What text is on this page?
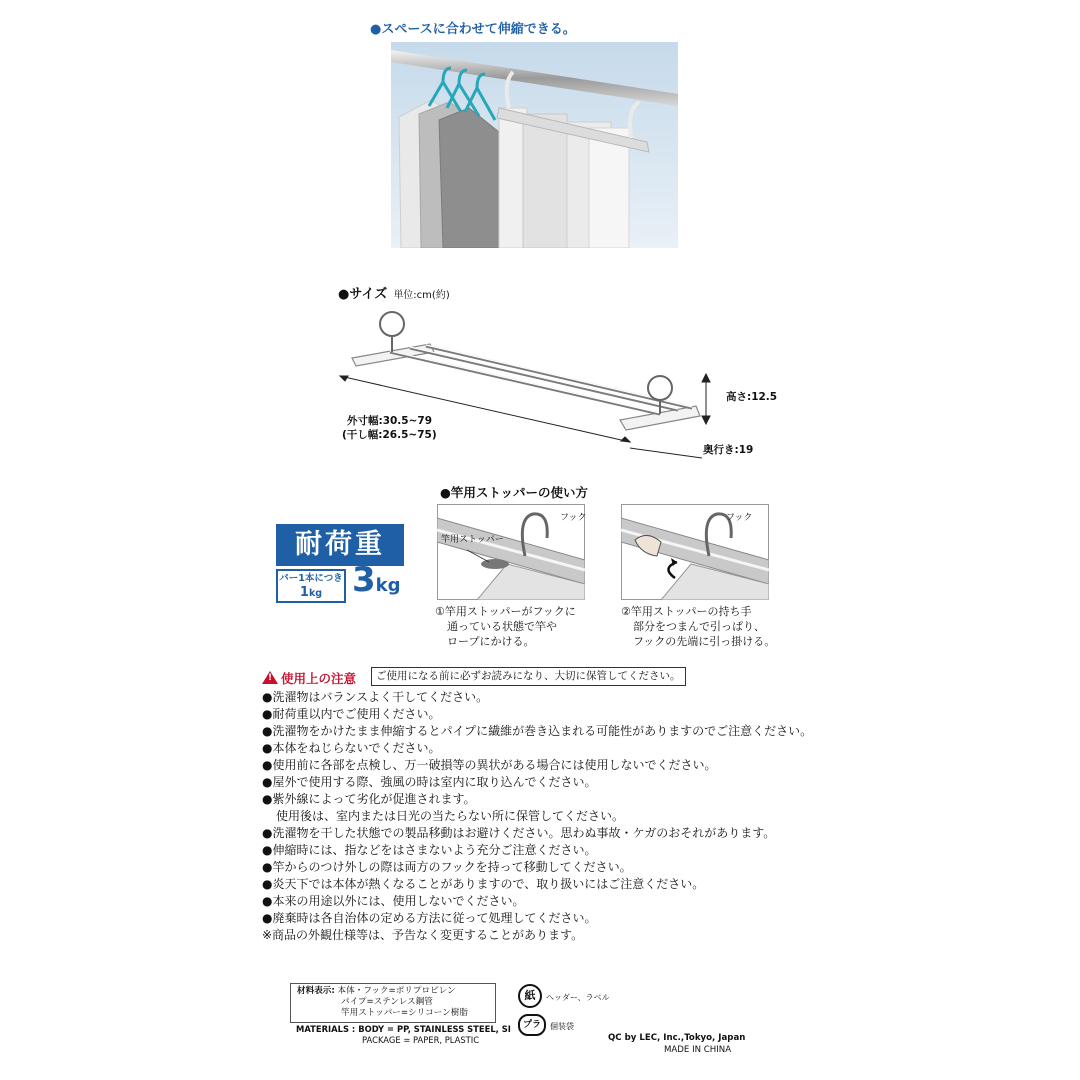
●スペースに合わせて伸縮できる。
●サイズ 単位:cm(約)
外寸幅:30.5~79
(干し幅:26.5~75)
高さ:12.5
奥行き:19
●竿用ストッパーの使い方
フック
竿用ストッパー
①竿用ストッパーがフックに
通っている状態で竿や
ロープにかける。
フック
②竿用ストッパーの持ち手
部分をつまんで引っぱり、
フックの先端に引っ掛ける。
耐荷重
バー1本につき
1kg 3kg
! 使用上の注意	ご使用になる前に必ずお読みになり、大切に保管してください。
●洗濯物はバランスよく干してください。
●耐荷重以内でご使用ください。
●洗濯物をかけたまま伸縮するとパイプに繊維が巻き込まれる可能性がありますのでご注意ください。
●本体をねじらないでください。
●使用前に各部を点検し、万一破損等の異状がある場合には使用しないでください。
●屋外で使用する際、強風の時は室内に取り込んでください。
●紫外線によって劣化が促進されます。
使用後は、室内または日光の当たらない所に保管してください。
●洗濯物を干した状態での製品移動はお避けください。思わぬ事故・ケガのおそれがあります。
●伸縮時には、指などをはさまないよう充分ご注意ください。
●竿からのつけ外しの際は両方のフックを持って移動してください。
●炎天下では本体が熱くなることがありますので、取り扱いにはご注意ください。
●本来の用途以外には、使用しないでください。
●廃棄時は各自治体の定める方法に従って処理してください。
※商品の外観仕様等は、予告なく変更することがあります。
材料表示: 本体・フック=ポリプロピレン
パイプ=ステンレス鋼管
竿用ストッパー=シリコーン樹脂
MATERIALS : BODY = PP, STAINLESS STEEL, SI
PACKAGE = PAPER, PLASTIC
紙	ヘッダー、ラベル
プラ	個装袋
QC by LEC, Inc.,Tokyo, Japan
MADE IN CHINA
